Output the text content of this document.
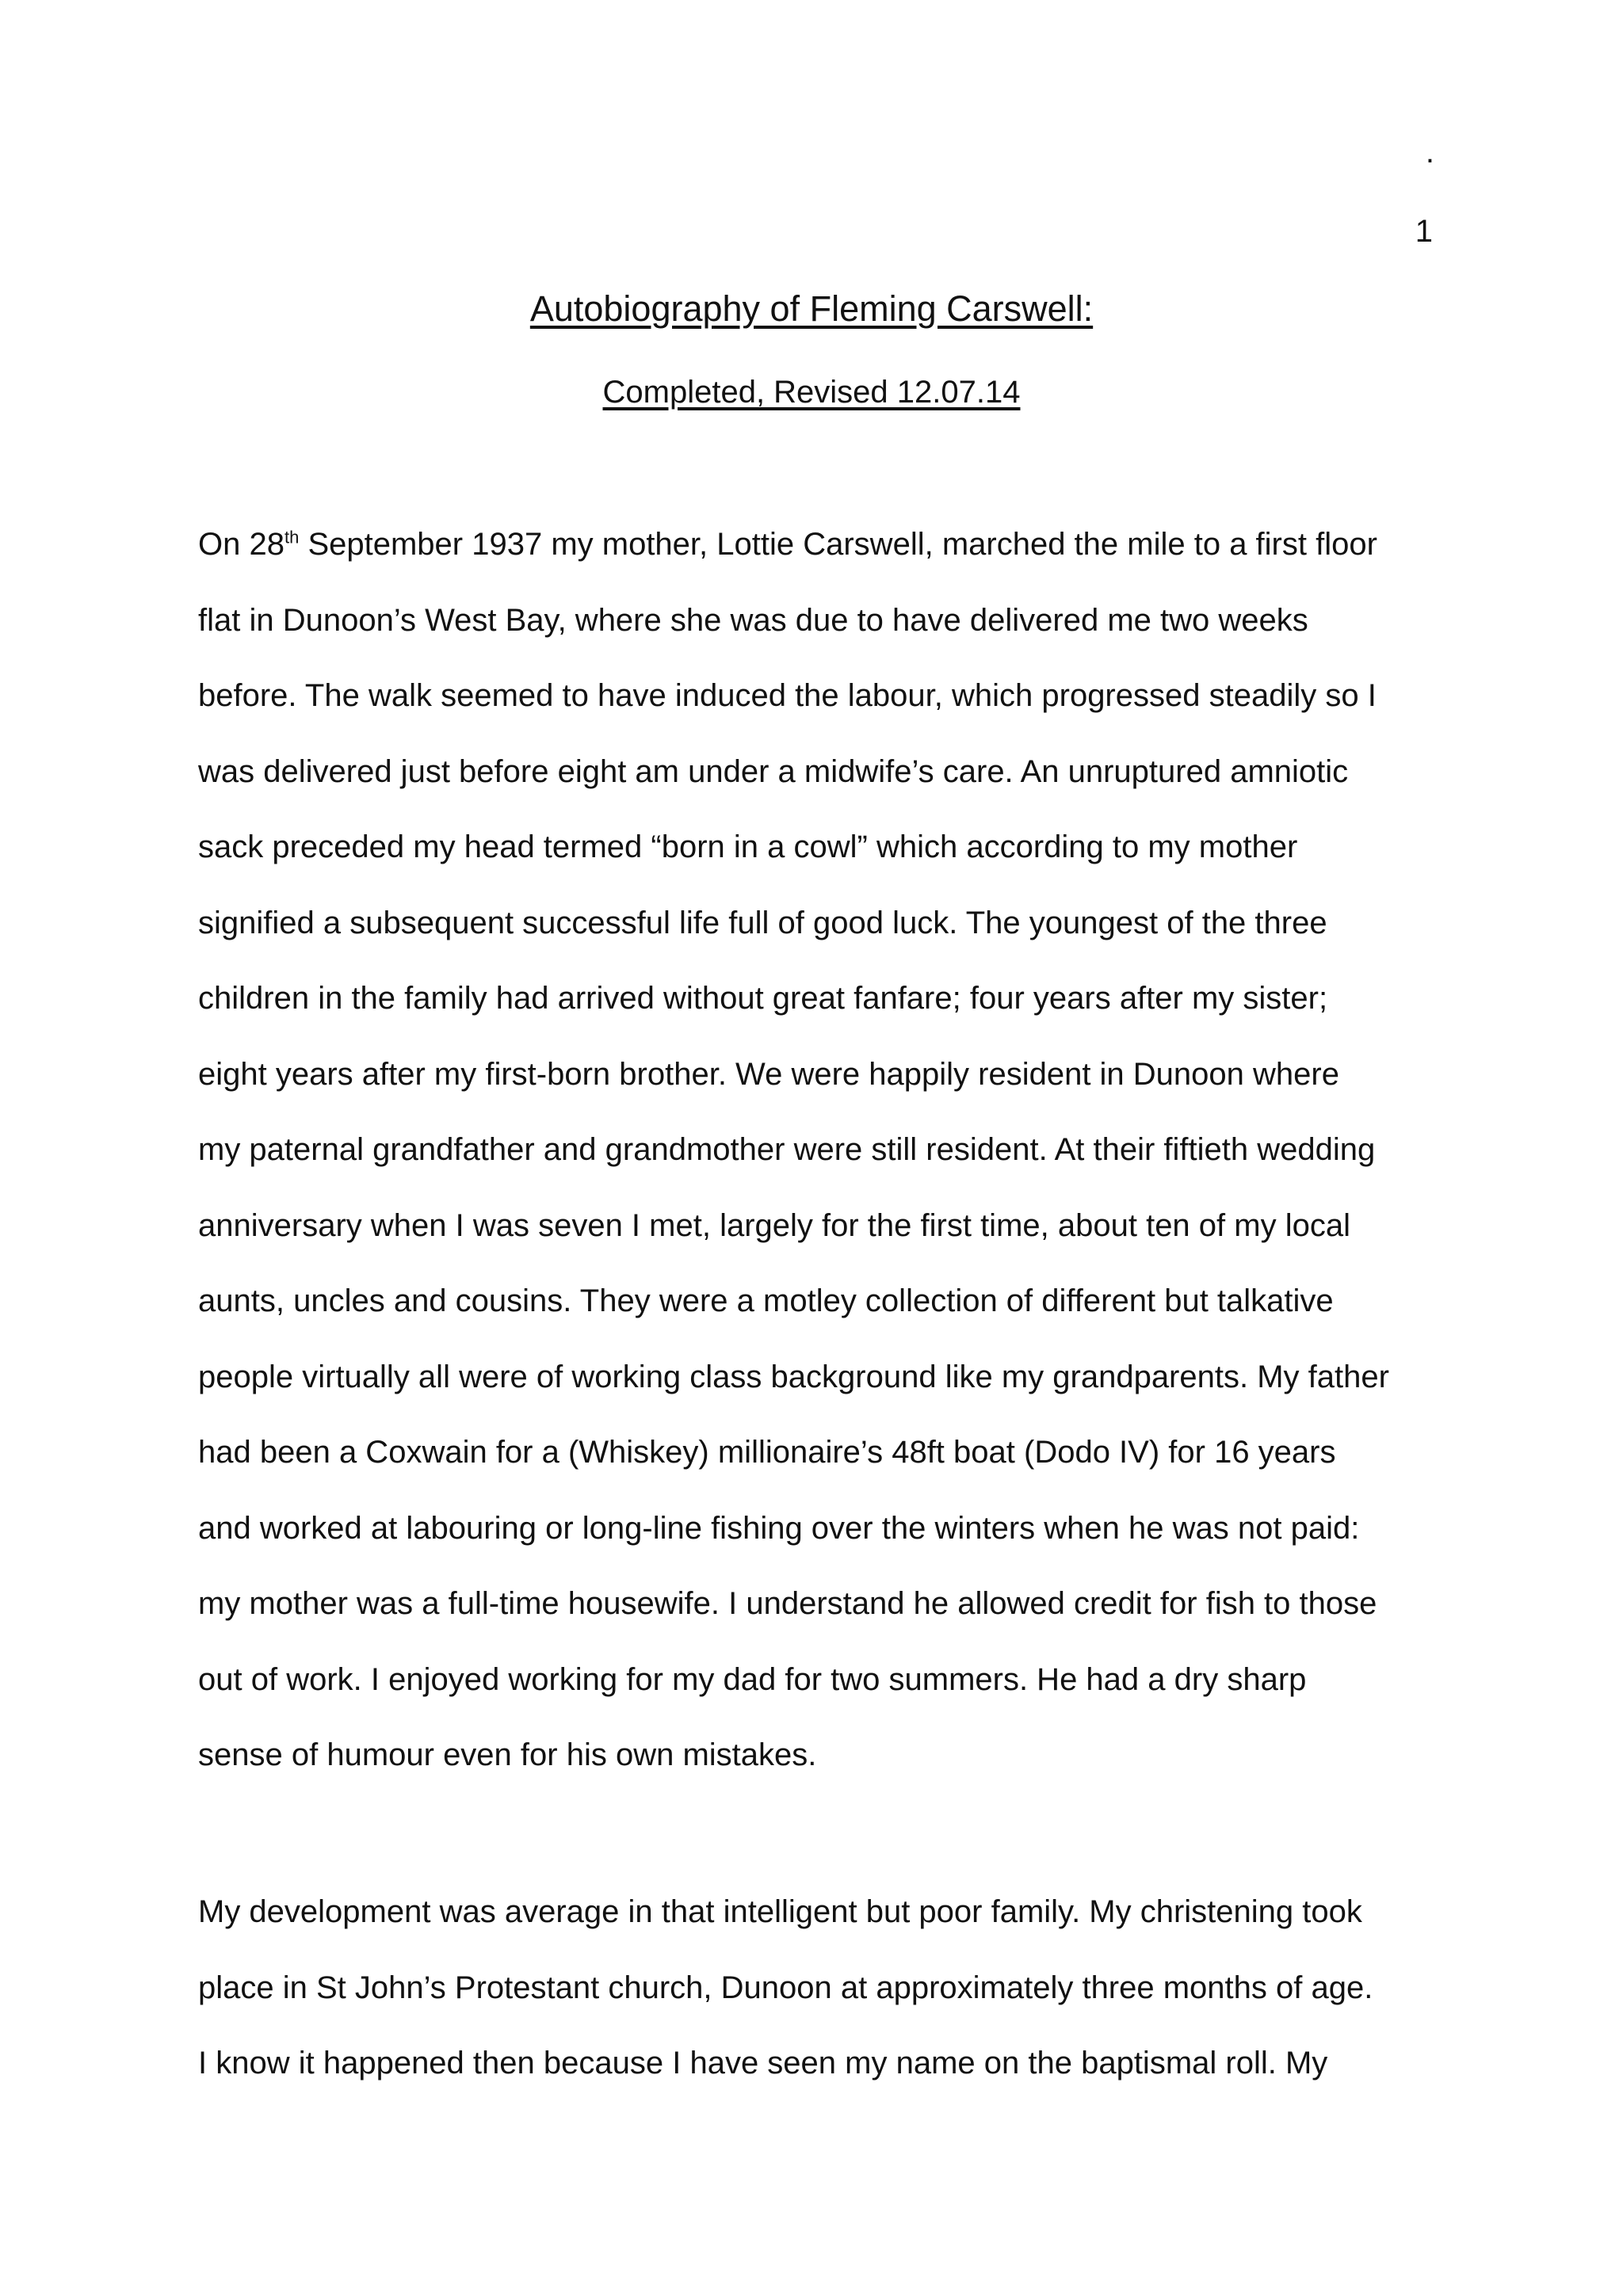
.
1
Autobiography of Fleming Carswell:
Completed, Revised 12.07.14
On 28th September 1937 my mother, Lottie Carswell, marched the mile to a first floor
flat in Dunoon’s West Bay, where she was due to have delivered me two weeks
before. The walk seemed to have induced the labour, which progressed steadily so I
was delivered just before eight am under a midwife’s care. An unruptured amniotic
sack preceded my head termed “born in a cowl” which according to my mother
signified a subsequent successful life full of good luck. The youngest of the three
children in the family had arrived without great fanfare; four years after my sister;
eight years after my first-born brother. We were happily resident in Dunoon where
my paternal grandfather and grandmother were still resident. At their fiftieth wedding
anniversary when I was seven I met, largely for the first time, about ten of my local
aunts, uncles and cousins. They were a motley collection of different but talkative
people virtually all were of working class background like my grandparents. My father
had been a Coxwain for a (Whiskey) millionaire’s 48ft boat (Dodo IV) for 16 years
and worked at labouring or long-line fishing over the winters when he was not paid:
my mother was a full-time housewife. I understand he allowed credit for fish to those
out of work. I enjoyed working for my dad for two summers. He had a dry sharp
sense of humour even for his own mistakes.
My development was average in that intelligent but poor family. My christening took
place in St John’s Protestant church, Dunoon at approximately three months of age.
I know it happened then because I have seen my name on the baptismal roll. My
